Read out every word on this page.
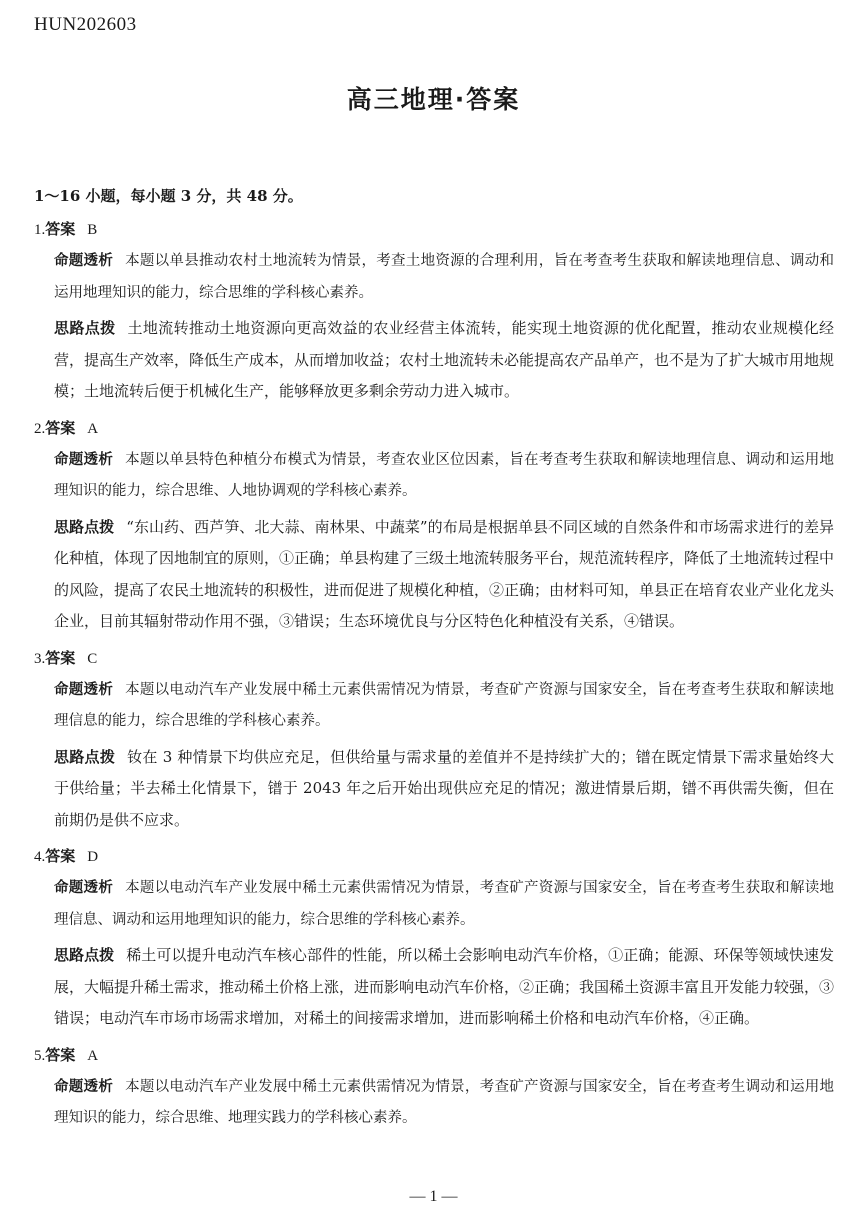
HUN202603
高三地理·答案
1～16 小题，每小题 3 分，共 48 分。
1.答案 B
命题透析 本题以单县推动农村土地流转为情景，考查土地资源的合理利用，旨在考查考生获取和解读地理信息、调动和运用地理知识的能力，综合思维的学科核心素养。
思路点拨 土地流转推动土地资源向更高效益的农业经营主体流转，能实现土地资源的优化配置，推动农业规模化经营，提高生产效率，降低生产成本，从而增加收益；农村土地流转未必能提高农产品单产，也不是为了扩大城市用地规模；土地流转后便于机械化生产，能够释放更多剩余劳动力进入城市。
2.答案 A
命题透析 本题以单县特色种植分布模式为情景，考查农业区位因素，旨在考查考生获取和解读地理信息、调动和运用地理知识的能力，综合思维、人地协调观的学科核心素养。
思路点拨 “东山药、西芦笋、北大蒜、南林果、中蔬菜”的布局是根据单县不同区域的自然条件和市场需求进行的差异化种植，体现了因地制宜的原则，①正确；单县构建了三级土地流转服务平台，规范流转程序，降低了土地流转过程中的风险，提高了农民土地流转的积极性，进而促进了规模化种植，②正确；由材料可知，单县正在培育农业产业化龙头企业，目前其辐射带动作用不强，③错误；生态环境优良与分区特色化种植没有关系，④错误。
3.答案 C
命题透析 本题以电动汽车产业发展中稀土元素供需情况为情景，考查矿产资源与国家安全，旨在考查考生获取和解读地理信息的能力，综合思维的学科核心素养。
思路点拨 钕在 3 种情景下均供应充足，但供给量与需求量的差值并不是持续扩大的；镨在既定情景下需求量始终大于供给量；半去稀土化情景下，镨于 2043 年之后开始出现供应充足的情况；激进情景后期，镨不再供需失衡，但在前期仍是供不应求。
4.答案 D
命题透析 本题以电动汽车产业发展中稀土元素供需情况为情景，考查矿产资源与国家安全，旨在考查考生获取和解读地理信息、调动和运用地理知识的能力，综合思维的学科核心素养。
思路点拨 稀土可以提升电动汽车核心部件的性能，所以稀土会影响电动汽车价格，①正确；能源、环保等领域快速发展，大幅提升稀土需求，推动稀土价格上涨，进而影响电动汽车价格，②正确；我国稀土资源丰富且开发能力较强，③错误；电动汽车市场市场需求增加，对稀土的间接需求增加，进而影响稀土价格和电动汽车价格，④正确。
5.答案 A
命题透析 本题以电动汽车产业发展中稀土元素供需情况为情景，考查矿产资源与国家安全，旨在考查考生调动和运用地理知识的能力，综合思维、地理实践力的学科核心素养。
— 1 —
